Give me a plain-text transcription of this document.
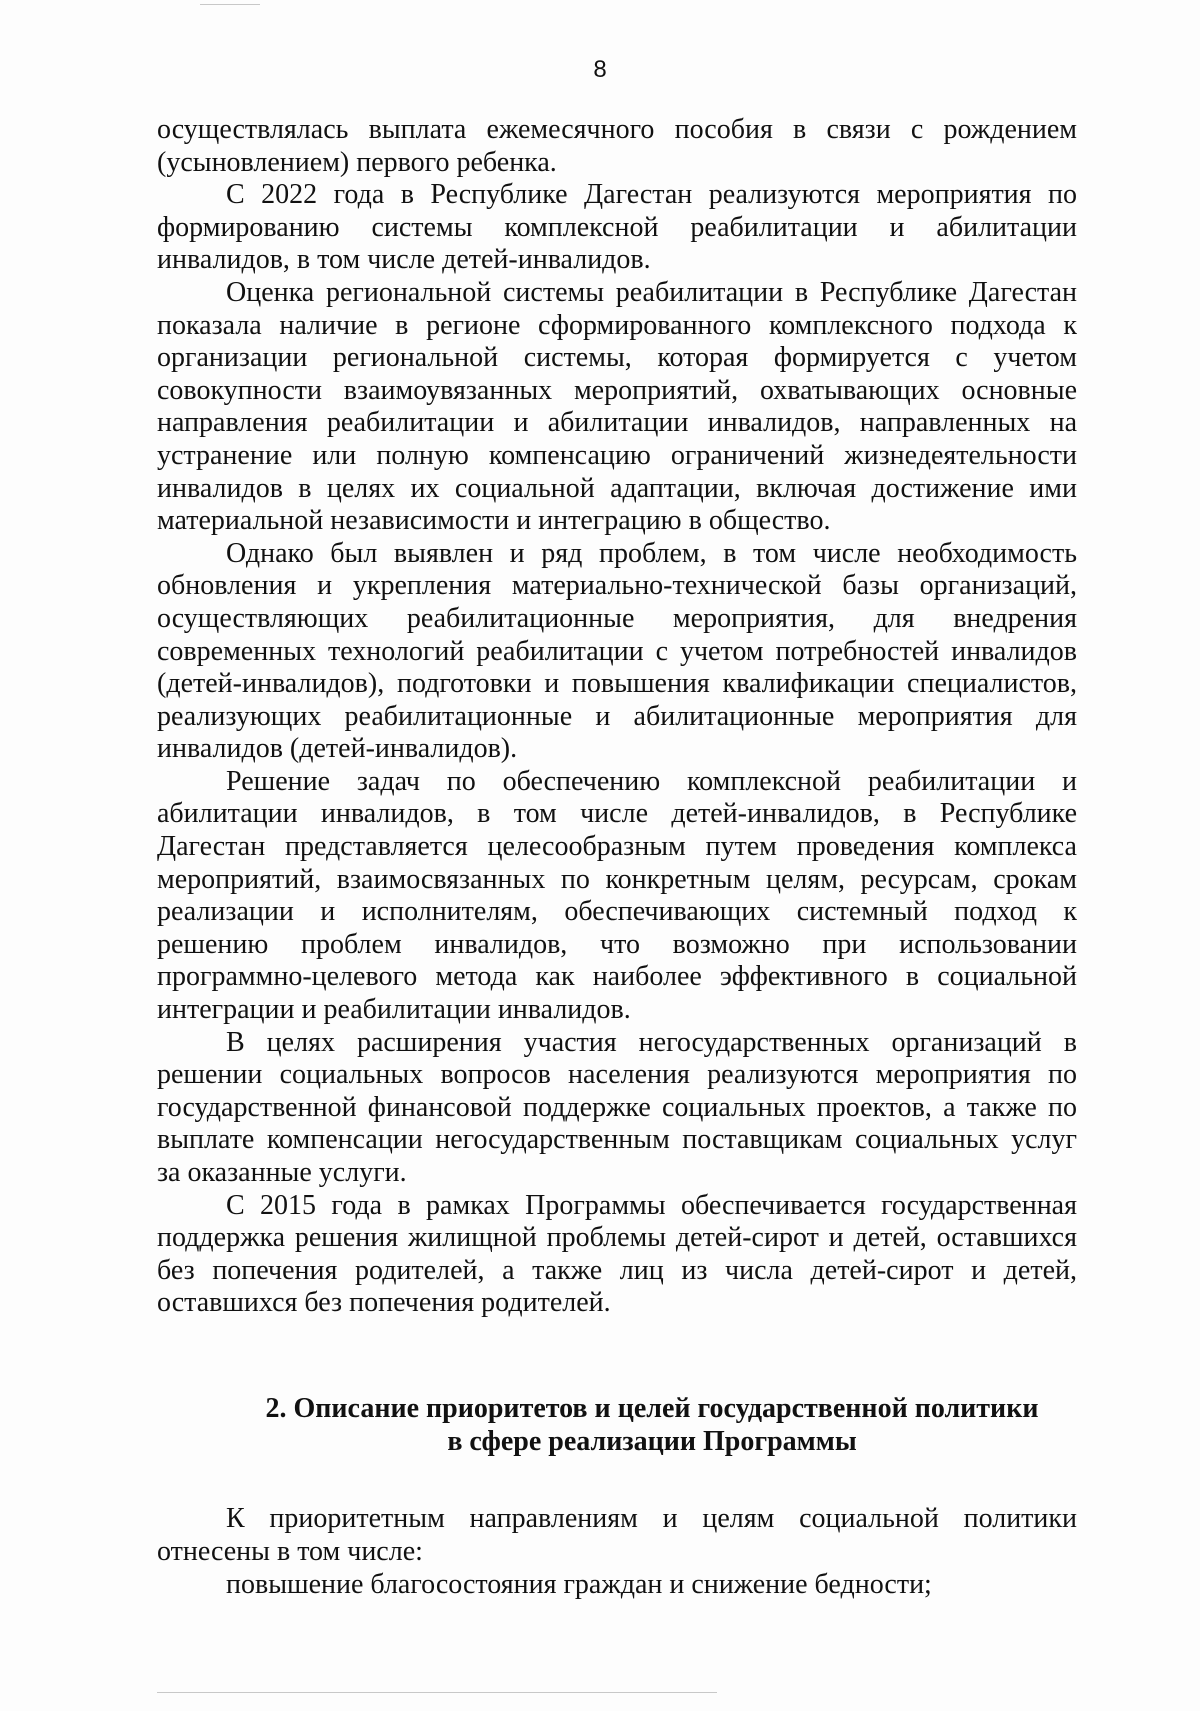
8

осуществлялась выплата ежемесячного пособия в связи с рождением (усыновлением) первого ребенка.

С 2022 года в Республике Дагестан реализуются мероприятия по формированию системы комплексной реабилитации и абилитации инвалидов, в том числе детей-инвалидов.

Оценка региональной системы реабилитации в Республике Дагестан показала наличие в регионе сформированного комплексного подхода к организации региональной системы, которая формируется с учетом совокупности взаимоувязанных мероприятий, охватывающих основные направления реабилитации и абилитации инвалидов, направленных на устранение или полную компенсацию ограничений жизнедеятельности инвалидов в целях их социальной адаптации, включая достижение ими материальной независимости и интеграцию в общество.

Однако был выявлен и ряд проблем, в том числе необходимость обновления и укрепления материально-технической базы организаций, осуществляющих реабилитационные мероприятия, для внедрения современных технологий реабилитации с учетом потребностей инвалидов (детей-инвалидов), подготовки и повышения квалификации специалистов, реализующих реабилитационные и абилитационные мероприятия для инвалидов (детей-инвалидов).

Решение задач по обеспечению комплексной реабилитации и абилитации инвалидов, в том числе детей-инвалидов, в Республике Дагестан представляется целесообразным путем проведения комплекса мероприятий, взаимосвязанных по конкретным целям, ресурсам, срокам реализации и исполнителям, обеспечивающих системный подход к решению проблем инвалидов, что возможно при использовании программно-целевого метода как наиболее эффективного в социальной интеграции и реабилитации инвалидов.

В целях расширения участия негосударственных организаций в решении социальных вопросов населения реализуются мероприятия по государственной финансовой поддержке социальных проектов, а также по выплате компенсации негосударственным поставщикам социальных услуг за оказанные услуги.

С 2015 года в рамках Программы обеспечивается государственная поддержка решения жилищной проблемы детей-сирот и детей, оставшихся без попечения родителей, а также лиц из числа детей-сирот и детей, оставшихся без попечения родителей.

2. Описание приоритетов и целей государственной политики
в сфере реализации Программы

К приоритетным направлениям и целям социальной политики отнесены в том числе:

повышение благосостояния граждан и снижение бедности;
